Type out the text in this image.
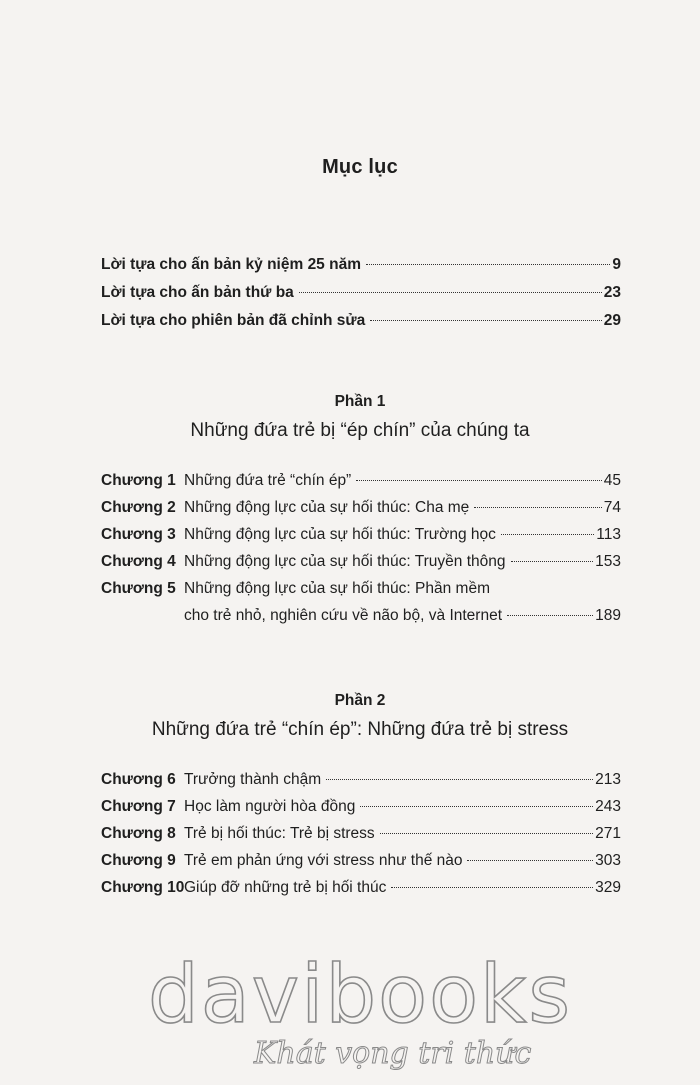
Mục lục
Lời tựa cho ấn bản kỷ niệm 25 năm	9
Lời tựa cho ấn bản thứ ba	23
Lời tựa cho phiên bản đã chỉnh sửa	29
Phần 1
Những đứa trẻ bị “ép chín” của chúng ta
Chương 1 Những đứa trẻ “chín ép”	45
Chương 2 Những động lực của sự hối thúc: Cha mẹ	74
Chương 3 Những động lực của sự hối thúc: Trường học	113
Chương 4 Những động lực của sự hối thúc: Truyền thông	153
Chương 5 Những động lực của sự hối thúc: Phần mềm
cho trẻ nhỏ, nghiên cứu về não bộ, và Internet	189
Phần 2
Những đứa trẻ “chín ép”: Những đứa trẻ bị stress
Chương 6 Trưởng thành chậm	213
Chương 7 Học làm người hòa đồng	243
Chương 8 Trẻ bị hối thúc: Trẻ bị stress	271
Chương 9 Trẻ em phản ứng với stress như thế nào	303
Chương 10 Giúp đỡ những trẻ bị hối thúc	329
davibooks
Khát vọng tri thức
